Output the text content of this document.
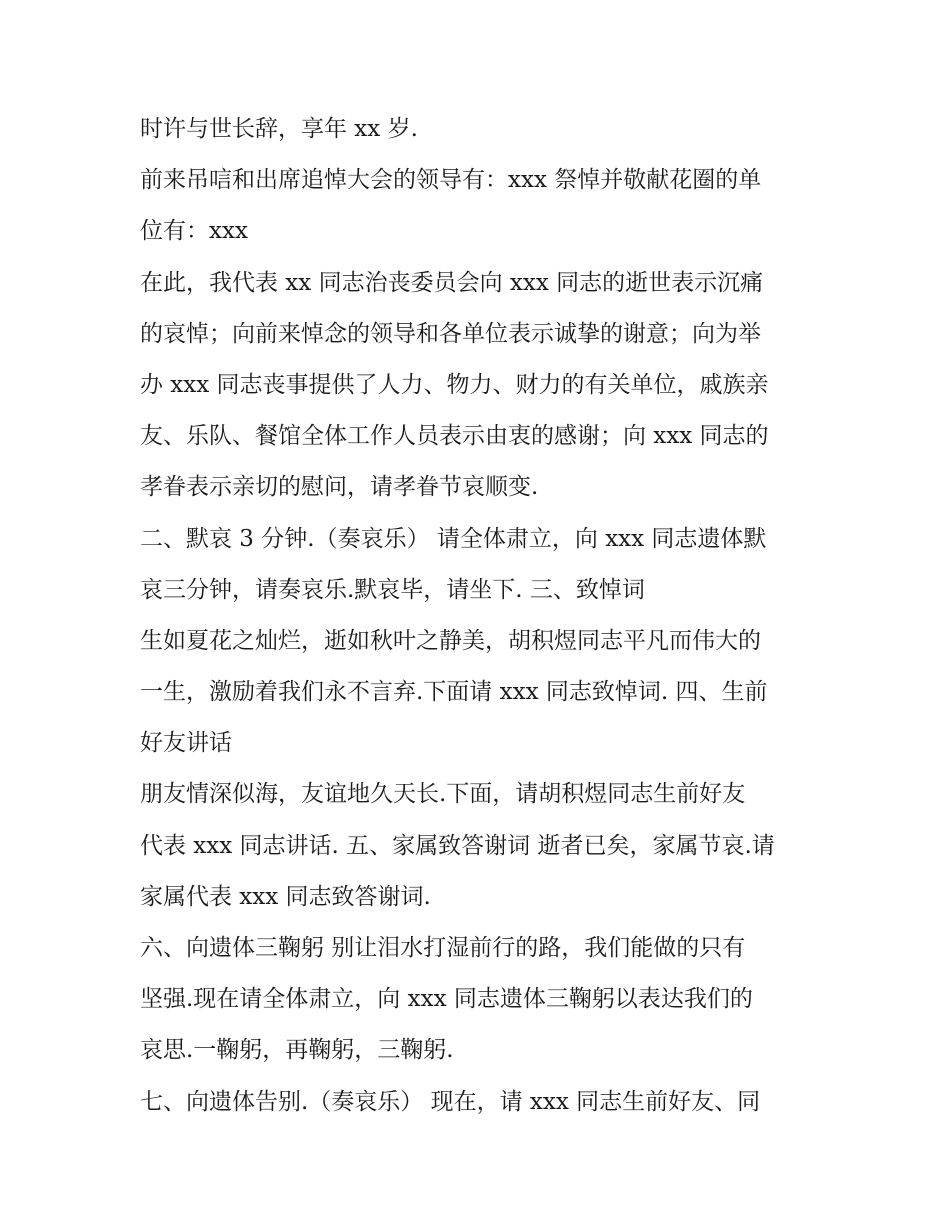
时许与世长辞，享年 xx 岁.
前来吊唁和出席追悼大会的领导有：xxx 祭悼并敬献花圈的单
位有：xxx
在此，我代表 xx 同志治丧委员会向 xxx 同志的逝世表示沉痛
的哀悼；向前来悼念的领导和各单位表示诚挚的谢意；向为举
办 xxx 同志丧事提供了人力、物力、财力的有关单位，戚族亲
友、乐队、餐馆全体工作人员表示由衷的感谢；向 xxx 同志的
孝眷表示亲切的慰问，请孝眷节哀顺变.
二、默哀 3 分钟.（奏哀乐） 请全体肃立，向 xxx 同志遗体默
哀三分钟，请奏哀乐.默哀毕，请坐下. 三、致悼词
生如夏花之灿烂，逝如秋叶之静美，胡积煜同志平凡而伟大的
一生，激励着我们永不言弃.下面请 xxx 同志致悼词. 四、生前
好友讲话
朋友情深似海，友谊地久天长.下面，请胡积煜同志生前好友
代表 xxx 同志讲话. 五、家属致答谢词 逝者已矣，家属节哀.请
家属代表 xxx 同志致答谢词.
六、向遗体三鞠躬 别让泪水打湿前行的路，我们能做的只有
坚强.现在请全体肃立，向 xxx 同志遗体三鞠躬以表达我们的
哀思.一鞠躬，再鞠躬，三鞠躬.
七、向遗体告别.（奏哀乐） 现在，请 xxx 同志生前好友、同
